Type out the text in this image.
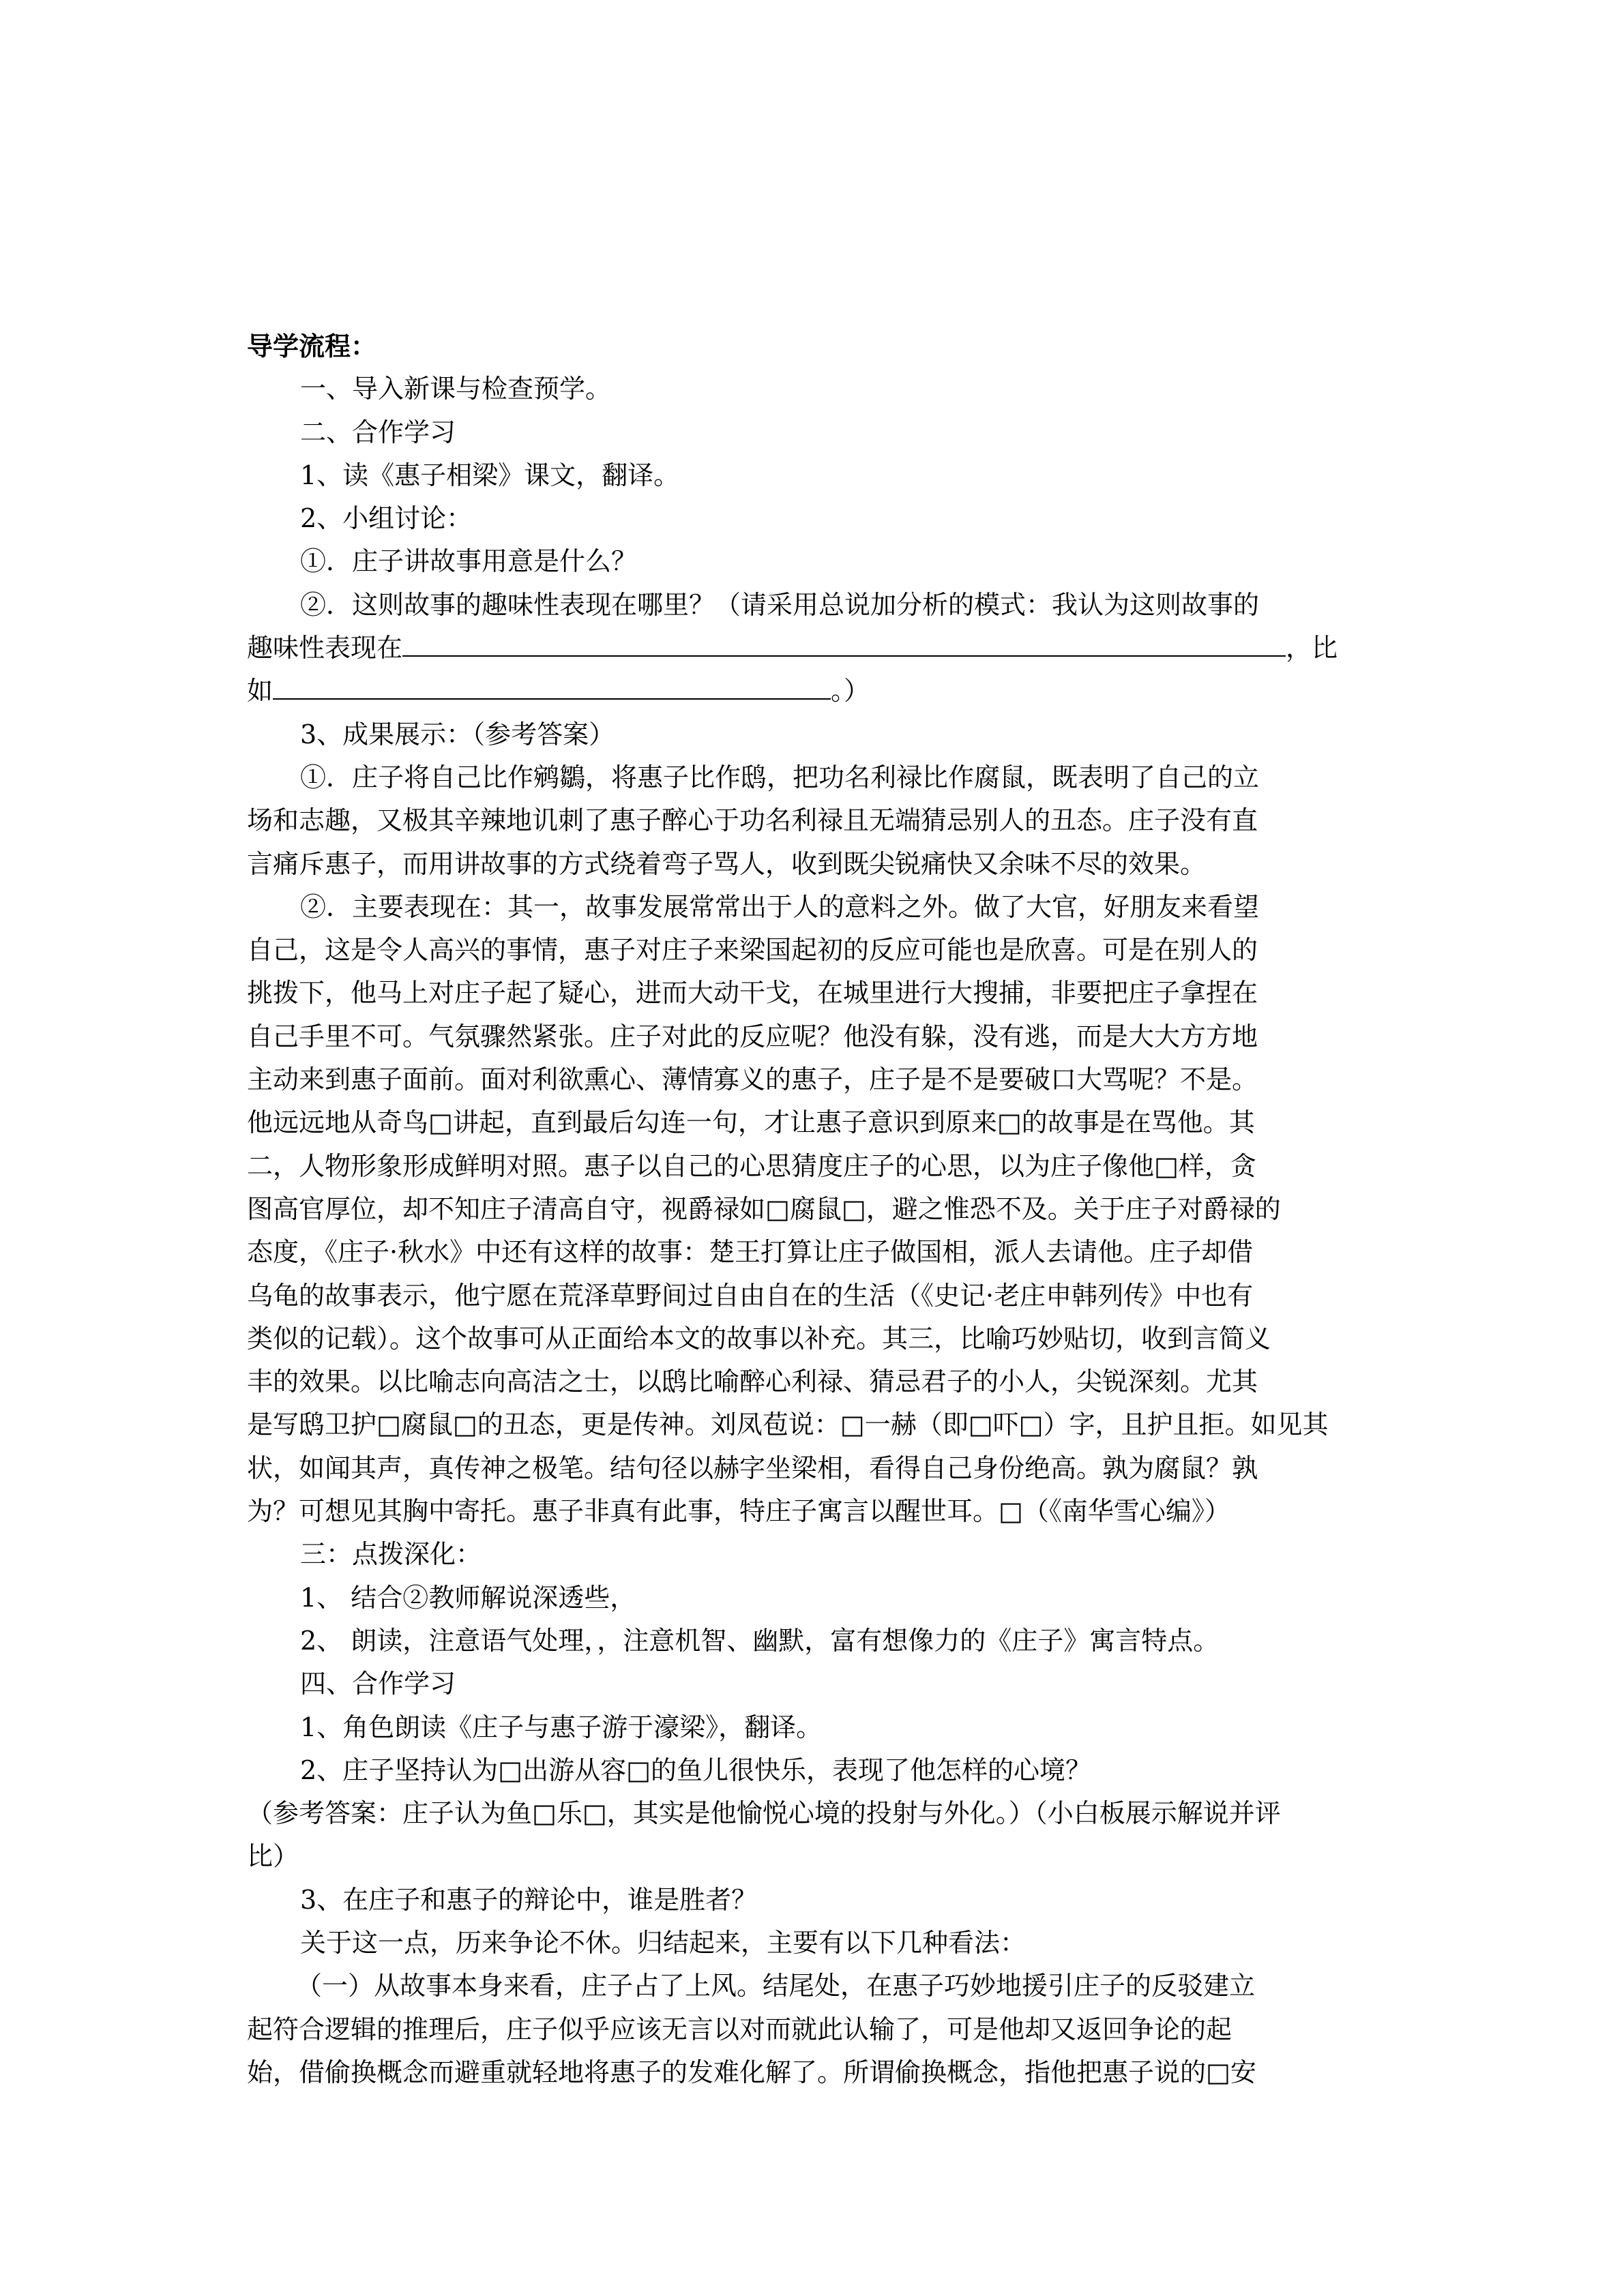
导学流程：
一、导入新课与检查预学。
二、合作学习
1、读《惠子相梁》课文，翻译。
2、小组讨论：
①．庄子讲故事用意是什么？
②．这则故事的趣味性表现在哪里？（请采用总说加分析的模式：我认为这则故事的
趣味性表现在	，比
如	。）
3、成果展示：（参考答案）
①．庄子将自己比作鹓鶵，将惠子比作鸱，把功名利禄比作腐鼠，既表明了自己的立
场和志趣，又极其辛辣地讥刺了惠子醉心于功名利禄且无端猜忌别人的丑态。庄子没有直
言痛斥惠子，而用讲故事的方式绕着弯子骂人，收到既尖锐痛快又余味不尽的效果。
②．主要表现在：其一，故事发展常常出于人的意料之外。做了大官，好朋友来看望
自己，这是令人高兴的事情，惠子对庄子来梁国起初的反应可能也是欣喜。可是在别人的
挑拨下，他马上对庄子起了疑心，进而大动干戈，在城里进行大搜捕，非要把庄子拿捏在
自己手里不可。气氛骤然紧张。庄子对此的反应呢？他没有躲，没有逃，而是大大方方地
主动来到惠子面前。面对利欲熏心、薄情寡义的惠子，庄子是不是要破口大骂呢？不是。
他远远地从奇鸟□讲起，直到最后勾连一句，才让惠子意识到原来□的故事是在骂他。其
二，人物形象形成鲜明对照。惠子以自己的心思猜度庄子的心思，以为庄子像他□样，贪
图高官厚位，却不知庄子清高自守，视爵禄如□腐鼠□，避之惟恐不及。关于庄子对爵禄的
态度，《庄子·秋水》中还有这样的故事：楚王打算让庄子做国相，派人去请他。庄子却借
乌龟的故事表示，他宁愿在荒泽草野间过自由自在的生活（《史记·老庄申韩列传》中也有
类似的记载）。这个故事可从正面给本文的故事以补充。其三，比喻巧妙贴切，收到言简义
丰的效果。以比喻志向高洁之士，以鸱比喻醉心利禄、猜忌君子的小人，尖锐深刻。尤其
是写鸱卫护□腐鼠□的丑态，更是传神。刘凤苞说：□一赫（即□吓□）字，且护且拒。如见其
状，如闻其声，真传神之极笔。结句径以赫字坐梁相，看得自己身份绝高。孰为腐鼠？孰
为？可想见其胸中寄托。惠子非真有此事，特庄子寓言以醒世耳。□（《南华雪心编》）
三：点拨深化：
1、 结合②教师解说深透些，
2、 朗读，注意语气处理，，注意机智、幽默，富有想像力的《庄子》寓言特点。
四、合作学习
1、角色朗读《庄子与惠子游于濠梁》，翻译。
2、庄子坚持认为□出游从容□的鱼儿很快乐，表现了他怎样的心境？
（参考答案：庄子认为鱼□乐□，其实是他愉悦心境的投射与外化。）（小白板展示解说并评
比）
3、在庄子和惠子的辩论中，谁是胜者？
关于这一点，历来争论不休。归结起来，主要有以下几种看法：
（一）从故事本身来看，庄子占了上风。结尾处，在惠子巧妙地援引庄子的反驳建立
起符合逻辑的推理后，庄子似乎应该无言以对而就此认输了，可是他却又返回争论的起
始，借偷换概念而避重就轻地将惠子的发难化解了。所谓偷换概念，指他把惠子说的□安
